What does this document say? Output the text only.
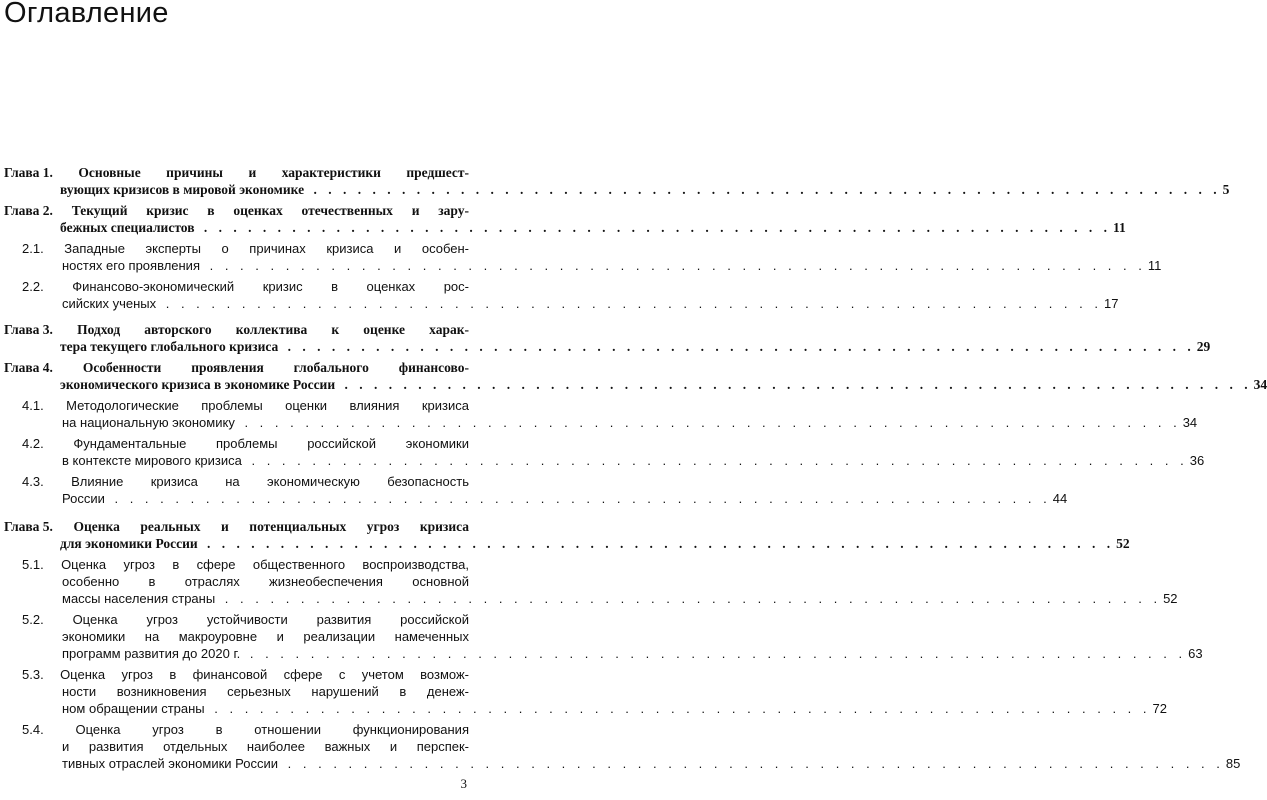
Оглавление
Глава 1. Основные причины и характеристики предшест-
вующих кризисов в мировой экономике . . .	5
Глава 2. Текущий кризис в оценках отечественных и зару-
бежных специалистов . . .	11
2.1. Западные эксперты о причинах кризиса и особен-
ностях его проявления . . .	11
2.2. Финансово-экономический кризис в оценках рос-
сийских ученых . . .	17
Глава 3. Подход авторского коллектива к оценке харак-
тера текущего глобального кризиса . . .	29
Глава 4. Особенности проявления глобального финансово-
экономического кризиса в экономике России . . .	34
4.1. Методологические проблемы оценки влияния кризиса
на национальную экономику . . .	34
4.2. Фундаментальные проблемы российской экономики
в контексте мирового кризиса . . .	36
4.3. Влияние кризиса на экономическую безопасность
России . . .	44
Глава 5. Оценка реальных и потенциальных угроз кризиса
для экономики России . . .	52
5.1. Оценка угроз в сфере общественного воспроизводства,
особенно в отраслях жизнеобеспечения основной
массы населения страны . . .	52
5.2. Оценка угроз устойчивости развития российской
экономики на макроуровне и реализации намеченных
программ развития до 2020 г. . . .	63
5.3. Оценка угроз в финансовой сфере с учетом возмож-
ности возникновения серьезных нарушений в денеж-
ном обращении страны . . .	72
5.4. Оценка угроз в отношении функционирования
и развития отдельных наиболее важных и перспек-
тивных отраслей экономики России . . .	85
3
